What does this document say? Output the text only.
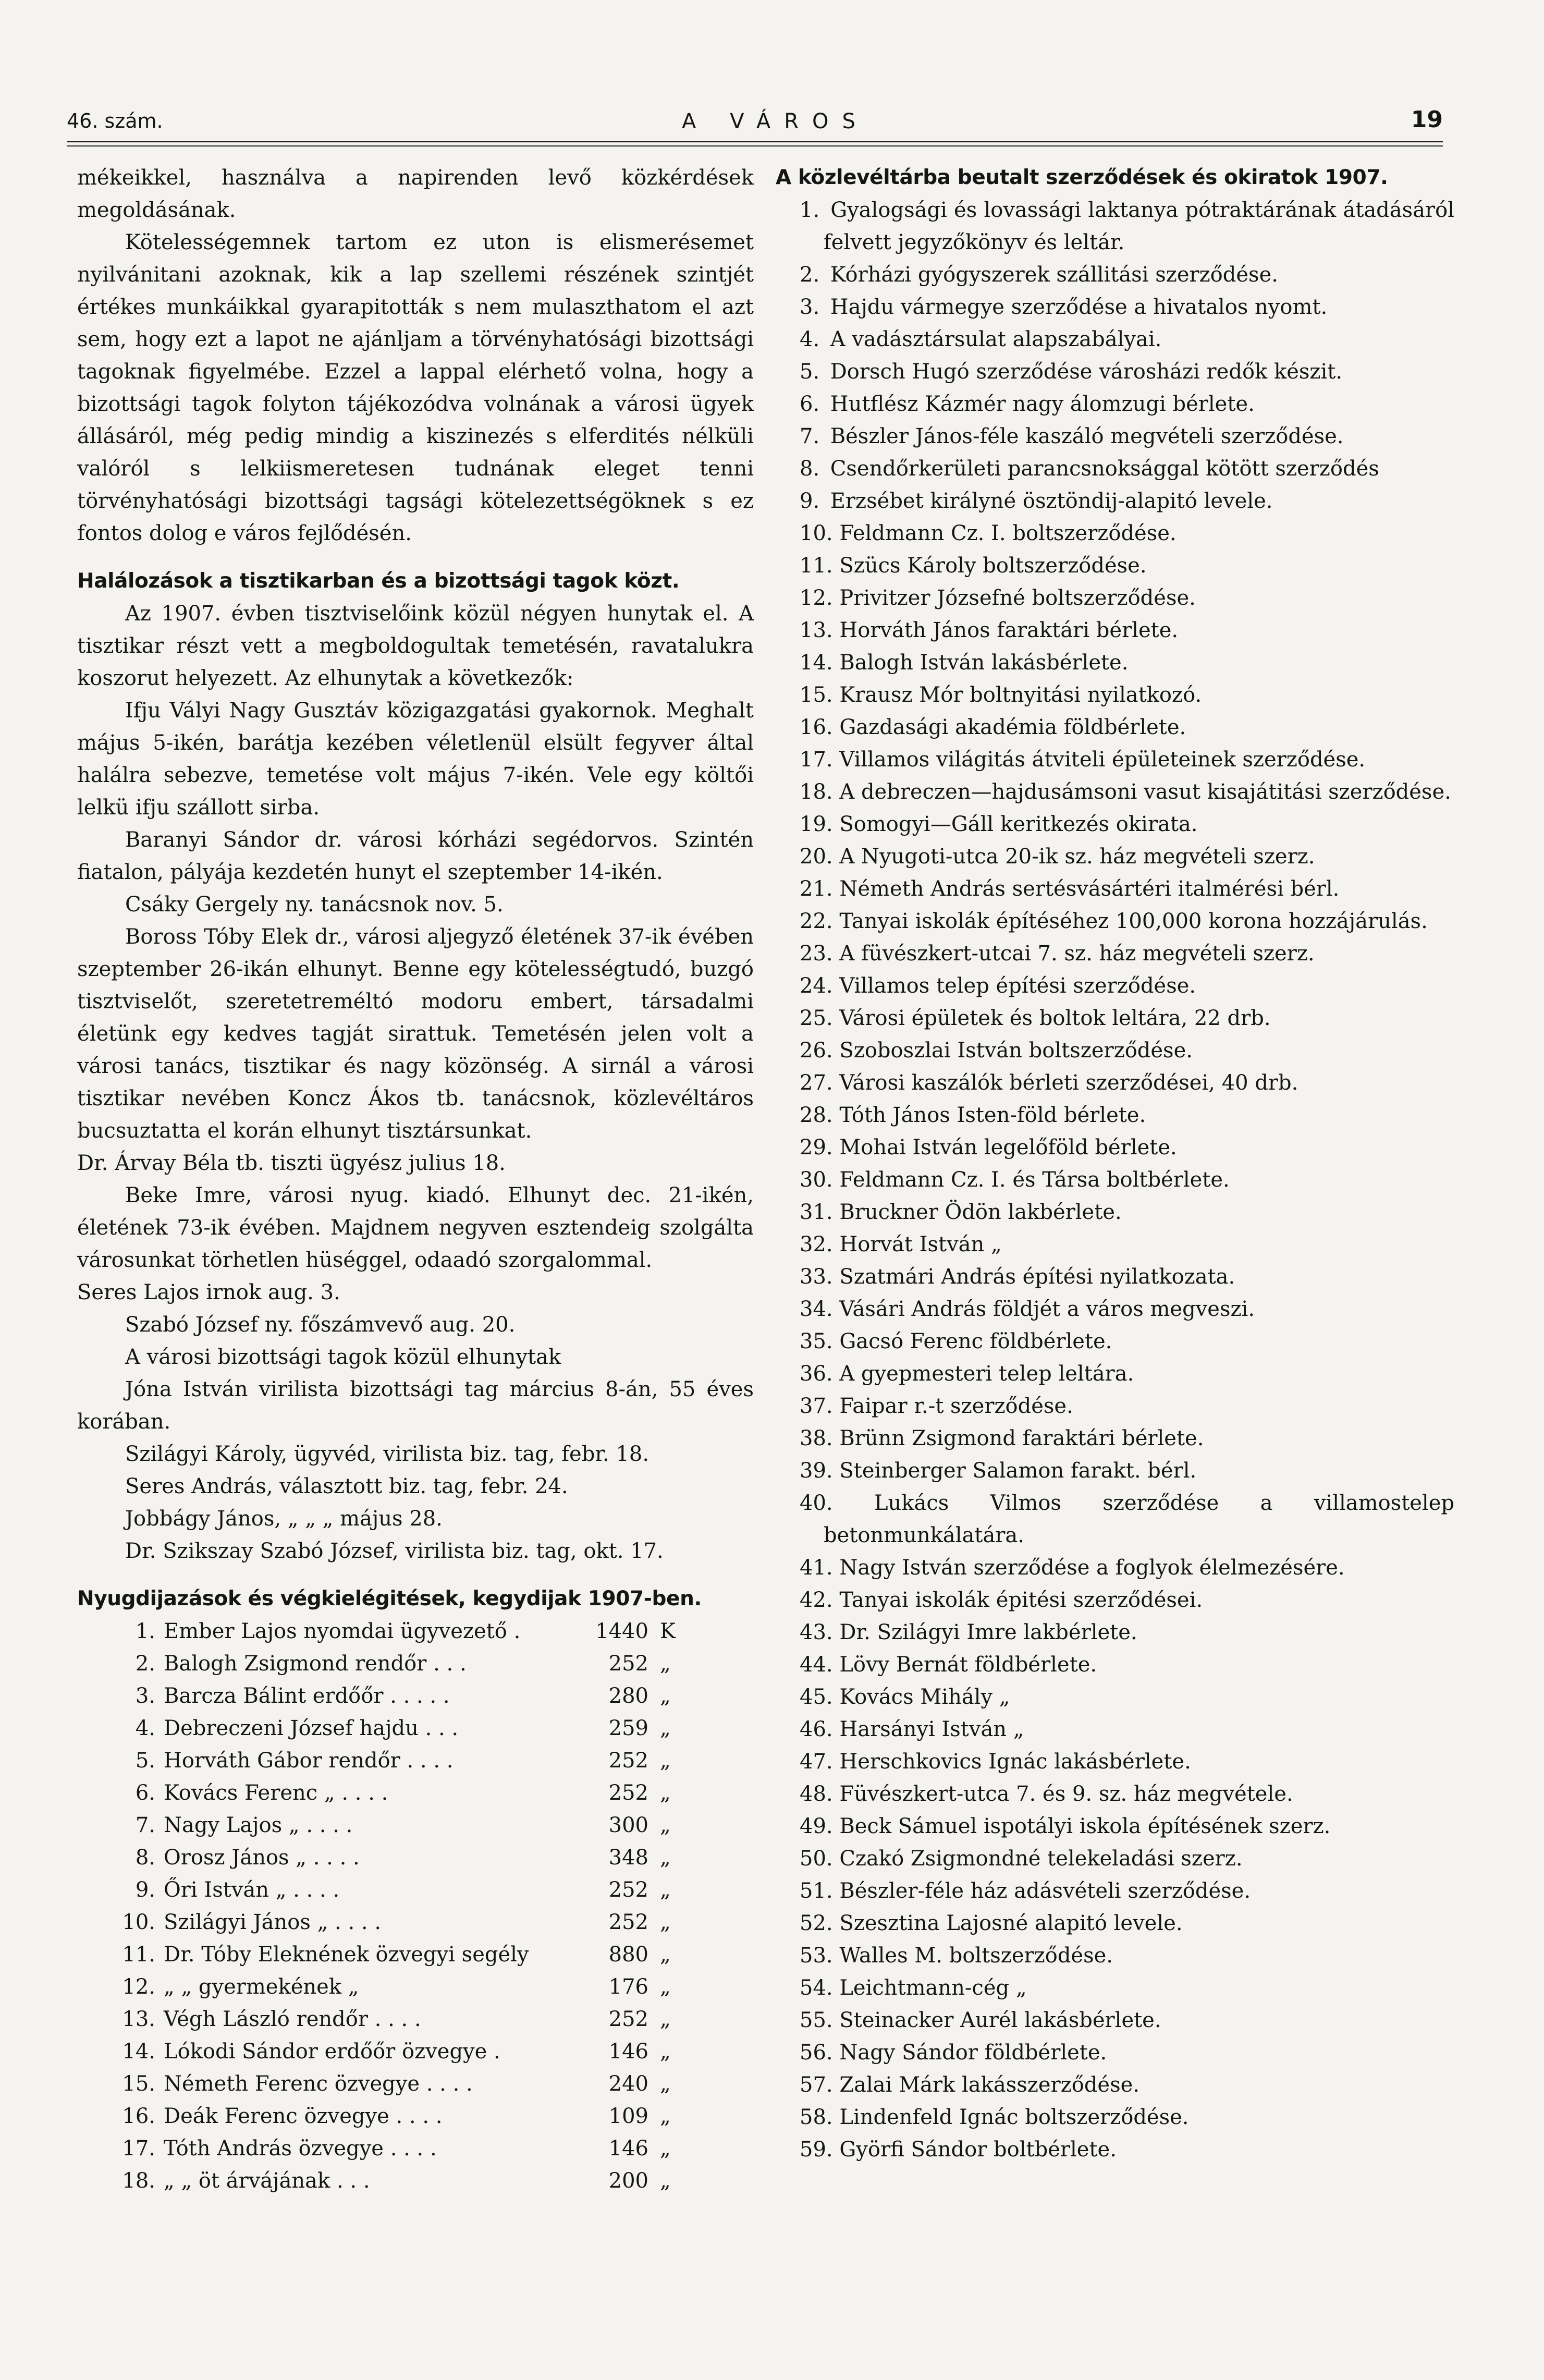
46. szám.	A VÁROS	19

mékeikkel, használva a napirenden levő közkérdések megoldásának.

Kötelességemnek tartom ez uton is elismerésemet nyilvánitani azoknak, kik a lap szellemi részének szintjét értékes munkáikkal gyarapitották s nem mulaszthatom el azt sem, hogy ezt a lapot ne ajánljam a törvényhatósági bizottsági tagoknak figyelmébe. Ezzel a lappal elérhető volna, hogy a bizottsági tagok folyton tájékozódva volnának a városi ügyek állásáról, még pedig mindig a kiszinezés s elferdités nélküli valóról s lelkiismeretesen tudnának eleget tenni törvényhatósági bizottsági tagsági kötelezettségöknek s ez fontos dolog e város fejlődésén.

Halálozások a tisztikarban és a bizottsági tagok közt.

Az 1907. évben tisztviselőink közül négyen hunytak el. A tisztikar részt vett a megboldogultak temetésén, ravatalukra koszorut helyezett. Az elhunytak a következők:

Ifju Vályi Nagy Gusztáv közigazgatási gyakornok. Meghalt május 5-ikén, barátja kezében véletlenül elsült fegyver által halálra sebezve, temetése volt május 7-ikén. Vele egy költői lelkü ifju szállott sirba.

Baranyi Sándor dr. városi kórházi segédorvos. Szintén fiatalon, pályája kezdetén hunyt el szeptember 14-ikén.

Csáky Gergely ny. tanácsnok nov. 5.

Boross Tóby Elek dr., városi aljegyző életének 37-ik évében szeptember 26-ikán elhunyt. Benne egy kötelességtudó, buzgó tisztviselőt, szeretetreméltó modoru embert, társadalmi életünk egy kedves tagját sirattuk. Temetésén jelen volt a városi tanács, tisztikar és nagy közönség. A sirnál a városi tisztikar nevében Koncz Ákos tb. tanácsnok, közlevéltáros bucsuztatta el korán elhunyt tisztársunkat.

Dr. Árvay Béla tb. tiszti ügyész julius 18.

Beke Imre, városi nyug. kiadó. Elhunyt dec. 21-ikén, életének 73-ik évében. Majdnem negyven esztendeig szolgálta városunkat törhetlen hüséggel, odaadó szorgalommal.

Seres Lajos irnok aug. 3.

Szabó József ny. főszámvevő aug. 20.

A városi bizottsági tagok közül elhunytak

Jóna István virilista bizottsági tag március 8-án, 55 éves korában.

Szilágyi Károly, ügyvéd, virilista biz. tag, febr. 18.

Seres András, választott biz. tag, febr. 24.

Jobbágy János, „ „ „ május 28.

Dr. Szikszay Szabó József, virilista biz. tag, okt. 17.

Nyugdijazások és végkielégitések, kegydijak 1907-ben.
1.	Ember Lajos nyomdai ügyvezető .	1440	K
2.	Balogh Zsigmond rendőr . . .	252	„
3.	Barcza Bálint erdőőr . . . . .	280	„
4.	Debreczeni József hajdu . . .	259	„
5.	Horváth Gábor rendőr . . . .	252	„
6.	Kovács Ferenc „ . . . .	252	„
7.	Nagy Lajos „ . . . .	300	„
8.	Orosz János „ . . . .	348	„
9.	Őri István „ . . . .	252	„
10.	Szilágyi János „ . . . .	252	„
11.	Dr. Tóby Eleknének özvegyi segély	880	„
12.	„ „ gyermekének „	176	„
13.	Végh László rendőr . . . .	252	„
14.	Lókodi Sándor erdőőr özvegye .	146	„
15.	Németh Ferenc özvegye . . . .	240	„
16.	Deák Ferenc özvegye . . . .	109	„
17.	Tóth András özvegye . . . .	146	„
18.	„ „ öt árvájának . . .	200	„
A közlevéltárba beutalt szerződések és okiratok 1907.
1. Gyalogsági és lovassági laktanya pótraktárának átadásáról felvett jegyzőkönyv és leltár.
2. Kórházi gyógyszerek szállitási szerződése.
3. Hajdu vármegye szerződése a hivatalos nyomt.
4. A vadásztársulat alapszabályai.
5. Dorsch Hugó szerződése városházi redők készit.
6. Hutflész Kázmér nagy álomzugi bérlete.
7. Bészler János-féle kaszáló megvételi szerződése.
8. Csendőrkerületi parancsnoksággal kötött szerződés
9. Erzsébet királyné ösztöndij-alapitó levele.
10. Feldmann Cz. I. boltszerződése.
11. Szücs Károly boltszerződése.
12. Privitzer Józsefné boltszerződése.
13. Horváth János faraktári bérlete.
14. Balogh István lakásbérlete.
15. Krausz Mór boltnyitási nyilatkozó.
16. Gazdasági akadémia földbérlete.
17. Villamos világitás átviteli épületeinek szerződése.
18. A debreczen—hajdusámsoni vasut kisajátitási szerződése.
19. Somogyi—Gáll keritkezés okirata.
20. A Nyugoti-utca 20-ik sz. ház megvételi szerz.
21. Németh András sertésvásártéri italmérési bérl.
22. Tanyai iskolák építéséhez 100,000 korona hozzájárulás.
23. A füvészkert-utcai 7. sz. ház megvételi szerz.
24. Villamos telep építési szerződése.
25. Városi épületek és boltok leltára, 22 drb.
26. Szoboszlai István boltszerződése.
27. Városi kaszálók bérleti szerződései, 40 drb.
28. Tóth János Isten-föld bérlete.
29. Mohai István legelőföld bérlete.
30. Feldmann Cz. I. és Társa boltbérlete.
31. Bruckner Ödön lakbérlete.
32. Horvát István „
33. Szatmári András építési nyilatkozata.
34. Vásári András földjét a város megveszi.
35. Gacsó Ferenc földbérlete.
36. A gyepmesteri telep leltára.
37. Faipar r.-t szerződése.
38. Brünn Zsigmond faraktári bérlete.
39. Steinberger Salamon farakt. bérl.
40. Lukács Vilmos szerződése a villamostelep betonmunkálatára.
41. Nagy István szerződése a foglyok élelmezésére.
42. Tanyai iskolák épitési szerződései.
43. Dr. Szilágyi Imre lakbérlete.
44. Lövy Bernát földbérlete.
45. Kovács Mihály „
46. Harsányi István „
47. Herschkovics Ignác lakásbérlete.
48. Füvészkert-utca 7. és 9. sz. ház megvétele.
49. Beck Sámuel ispotályi iskola építésének szerz.
50. Czakó Zsigmondné telekeladási szerz.
51. Bészler-féle ház adásvételi szerződése.
52. Szesztina Lajosné alapitó levele.
53. Walles M. boltszerződése.
54. Leichtmann-cég „
55. Steinacker Aurél lakásbérlete.
56. Nagy Sándor földbérlete.
57. Zalai Márk lakásszerződése.
58. Lindenfeld Ignác boltszerződése.
59. Györfi Sándor boltbérlete.
